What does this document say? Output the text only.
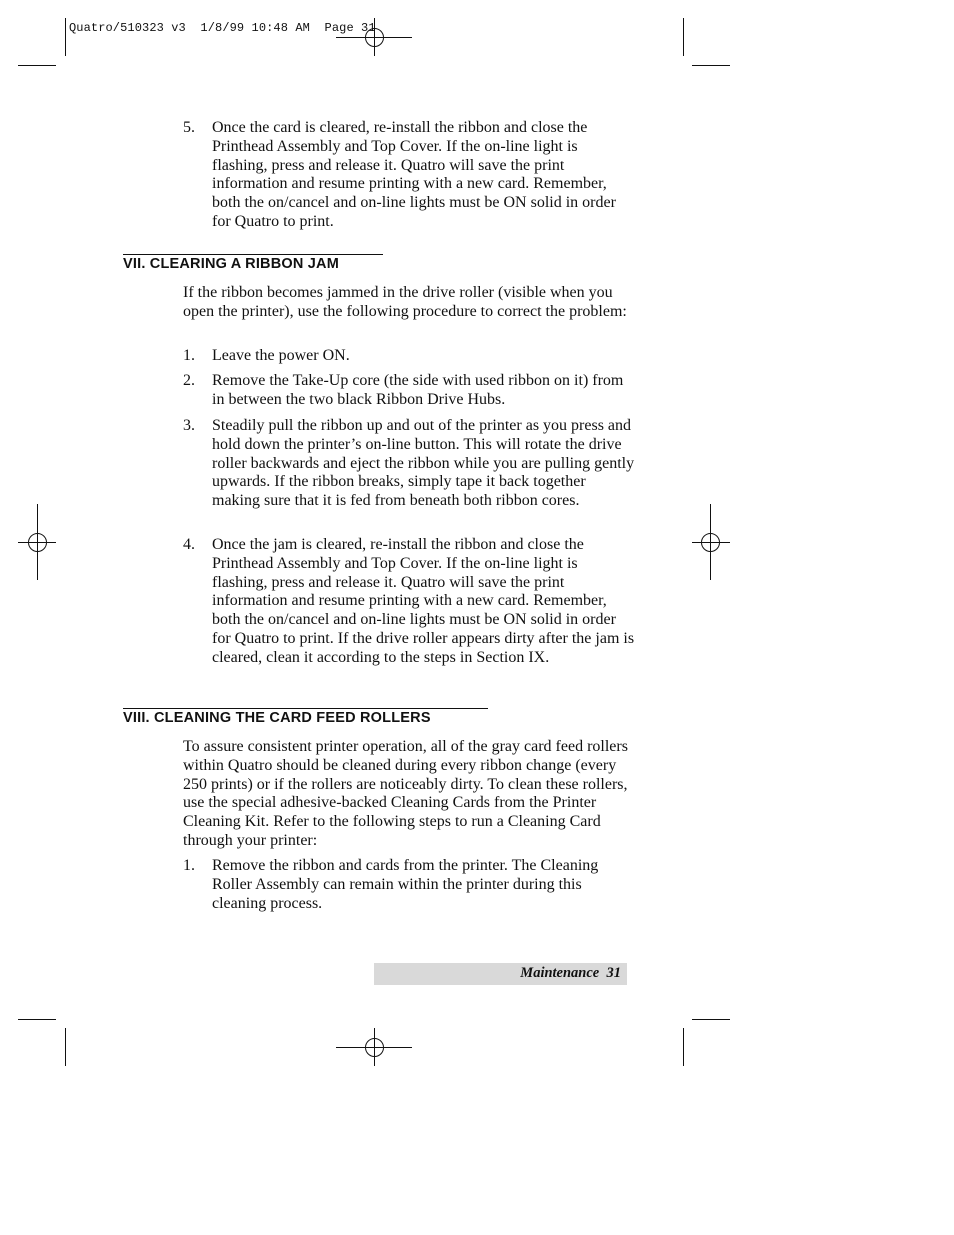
Quatro/510323 v3  1/8/99 10:48 AM  Page 31
5.	Once the card is cleared, re-install the ribbon and close the Printhead Assembly and Top Cover. If the on-line light is flashing, press and release it. Quatro will save the print information and resume printing with a new card. Remember, both the on/cancel and on-line lights must be ON solid in order for Quatro to print.
VII. CLEARING A RIBBON JAM
If the ribbon becomes jammed in the drive roller (visible when you open the printer), use the following procedure to correct the problem:
1.	Leave the power ON.
2.	Remove the Take-Up core (the side with used ribbon on it) from in between the two black Ribbon Drive Hubs.
3.	Steadily pull the ribbon up and out of the printer as you press and hold down the printer’s on-line button. This will rotate the drive roller backwards and eject the ribbon while you are pulling gently upwards. If the ribbon breaks, simply tape it back together making sure that it is fed from beneath both ribbon cores.
4.	Once the jam is cleared, re-install the ribbon and close the Printhead Assembly and Top Cover. If the on-line light is flashing, press and release it. Quatro will save the print information and resume printing with a new card. Remember, both the on/cancel and on-line lights must be ON solid in order for Quatro to print. If the drive roller appears dirty after the jam is cleared, clean it according to the steps in Section IX.
VIII. CLEANING THE CARD FEED ROLLERS
To assure consistent printer operation, all of the gray card feed rollers within Quatro should be cleaned during every ribbon change (every 250 prints) or if the rollers are noticeably dirty. To clean these rollers, use the special adhesive-backed Cleaning Cards from the Printer Cleaning Kit. Refer to the following steps to run a Cleaning Card through your printer:
1.	Remove the ribbon and cards from the printer. The Cleaning Roller Assembly can remain within the printer during this cleaning process.
Maintenance  31
